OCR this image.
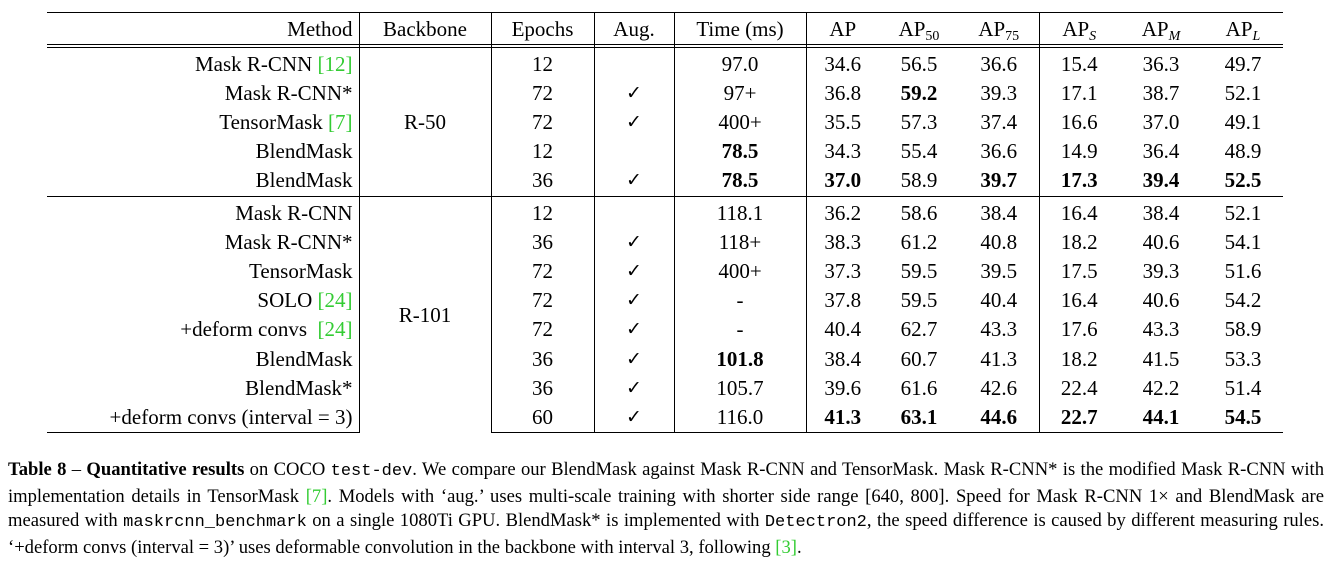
Method	Backbone	Epochs	Aug.	Time (ms)	AP	$AP_{50}$	$AP_{75}$	$AP_S$	$AP_M$	$AP_L$
Mask R-CNN [12]	R-50	12		97.0	34.6	56.5	36.6	15.4	36.3	49.7
Mask R-CNN*		72	✓	97+	36.8	59.2	39.3	17.1	38.7	52.1
TensorMask [7]		72	✓	400+	35.5	57.3	37.4	16.6	37.0	49.1
BlendMask		12		78.5	34.3	55.4	36.6	14.9	36.4	48.9
BlendMask		36	✓	78.5	37.0	58.9	39.7	17.3	39.4	52.5
Mask R-CNN	R-101	12		118.1	36.2	58.6	38.4	16.4	38.4	52.1
Mask R-CNN*		36	✓	118+	38.3	61.2	40.8	18.2	40.6	54.1
TensorMask		72	✓	400+	37.3	59.5	39.5	17.5	39.3	51.6
SOLO [24]		72	✓	-	37.8	59.5	40.4	16.4	40.6	54.2
+deform convs  [24]		72	✓	-	40.4	62.7	43.3	17.6	43.3	58.9
BlendMask		36	✓	101.8	38.4	60.7	41.3	18.2	41.5	53.3
BlendMask*		36	✓	105.7	39.6	61.6	42.6	22.4	42.2	51.4
+deform convs (interval = 3)		60	✓	116.0	41.3	63.1	44.6	22.7	44.1	54.5
Table 8 – Quantitative results on COCO test-dev. We compare our BlendMask against Mask R-CNN and TensorMask. Mask R-CNN* is the modified Mask R-CNN with implementation details in TensorMask [7]. Models with ‘aug.’ uses multi-scale training with shorter side range [640, 800]. Speed for Mask R-CNN 1× and BlendMask are measured with maskrcnn_benchmark on a single 1080Ti GPU. BlendMask* is implemented with Detectron2, the speed difference is caused by different measuring rules. ‘+deform convs (interval = 3)’ uses deformable convolution in the backbone with interval 3, following [3].
